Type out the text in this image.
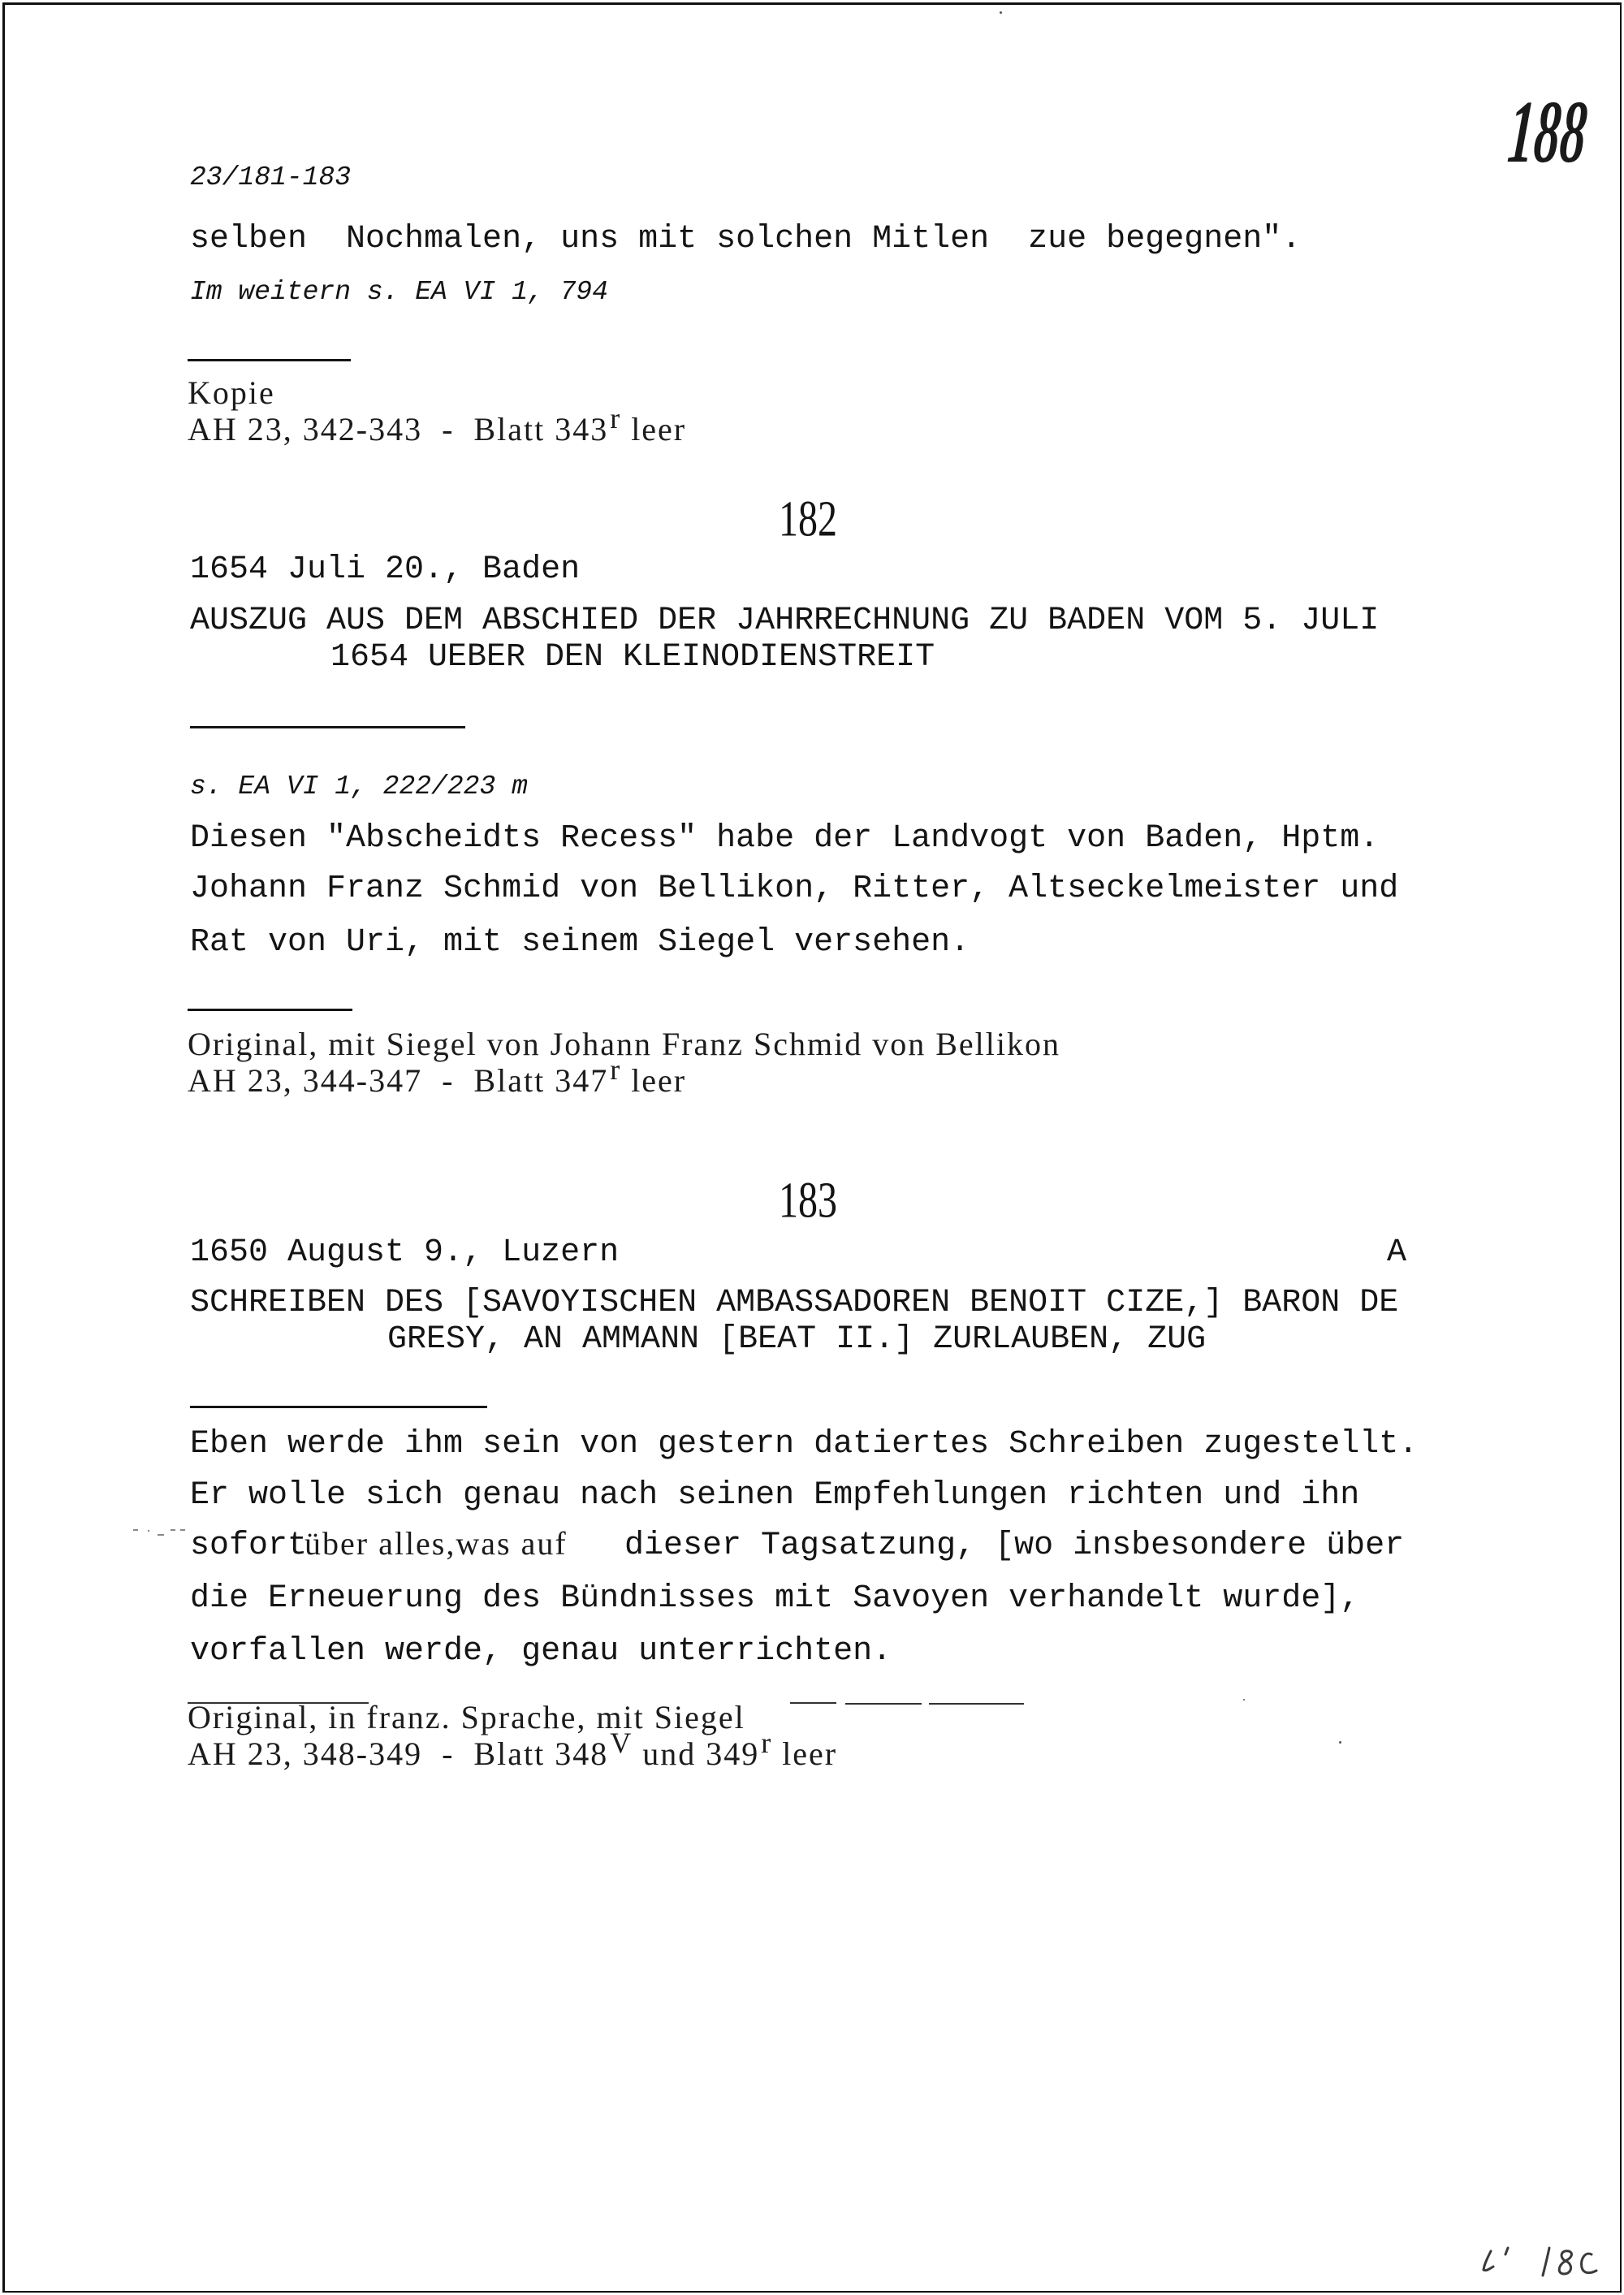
188
23/181-183
selben  Nochmalen, uns mit solchen Mitlen  zue begegnen".
Im weitern s. EA VI 1, 794
Kopie
AH 23, 342-343  -  Blatt 343r leer
182
1654 Juli 20., Baden
AUSZUG AUS DEM ABSCHIED DER JAHRRECHNUNG ZU BADEN VOM 5. JULI
1654 UEBER DEN KLEINODIENSTREIT
s. EA VI 1, 222/223 m
Diesen "Abscheidts Recess" habe der Landvogt von Baden, Hptm.
Johann Franz Schmid von Bellikon, Ritter, Altseckelmeister und
Rat von Uri, mit seinem Siegel versehen.
Original, mit Siegel von Johann Franz Schmid von Bellikon
AH 23, 344-347  -  Blatt 347r leer
183
1650 August 9., Luzern	A
SCHREIBEN DES [SAVOYISCHEN AMBASSADOREN BENOIT CIZE,] BARON DE
GRESY, AN AMMANN [BEAT II.] ZURLAUBEN, ZUG
Eben werde ihm sein von gestern datiertes Schreiben zugestellt.
Er wolle sich genau nach seinen Empfehlungen richten und ihn
sofort
über alles,was auf dieser Tagsatzung, [wo insbesondere über
die Erneuerung des Bündnisses mit Savoyen verhandelt wurde],
vorfallen werde, genau unterrichten.
Original, in franz. Sprache, mit Siegel
AH 23, 348-349  -  Blatt 348V und 349r leer
